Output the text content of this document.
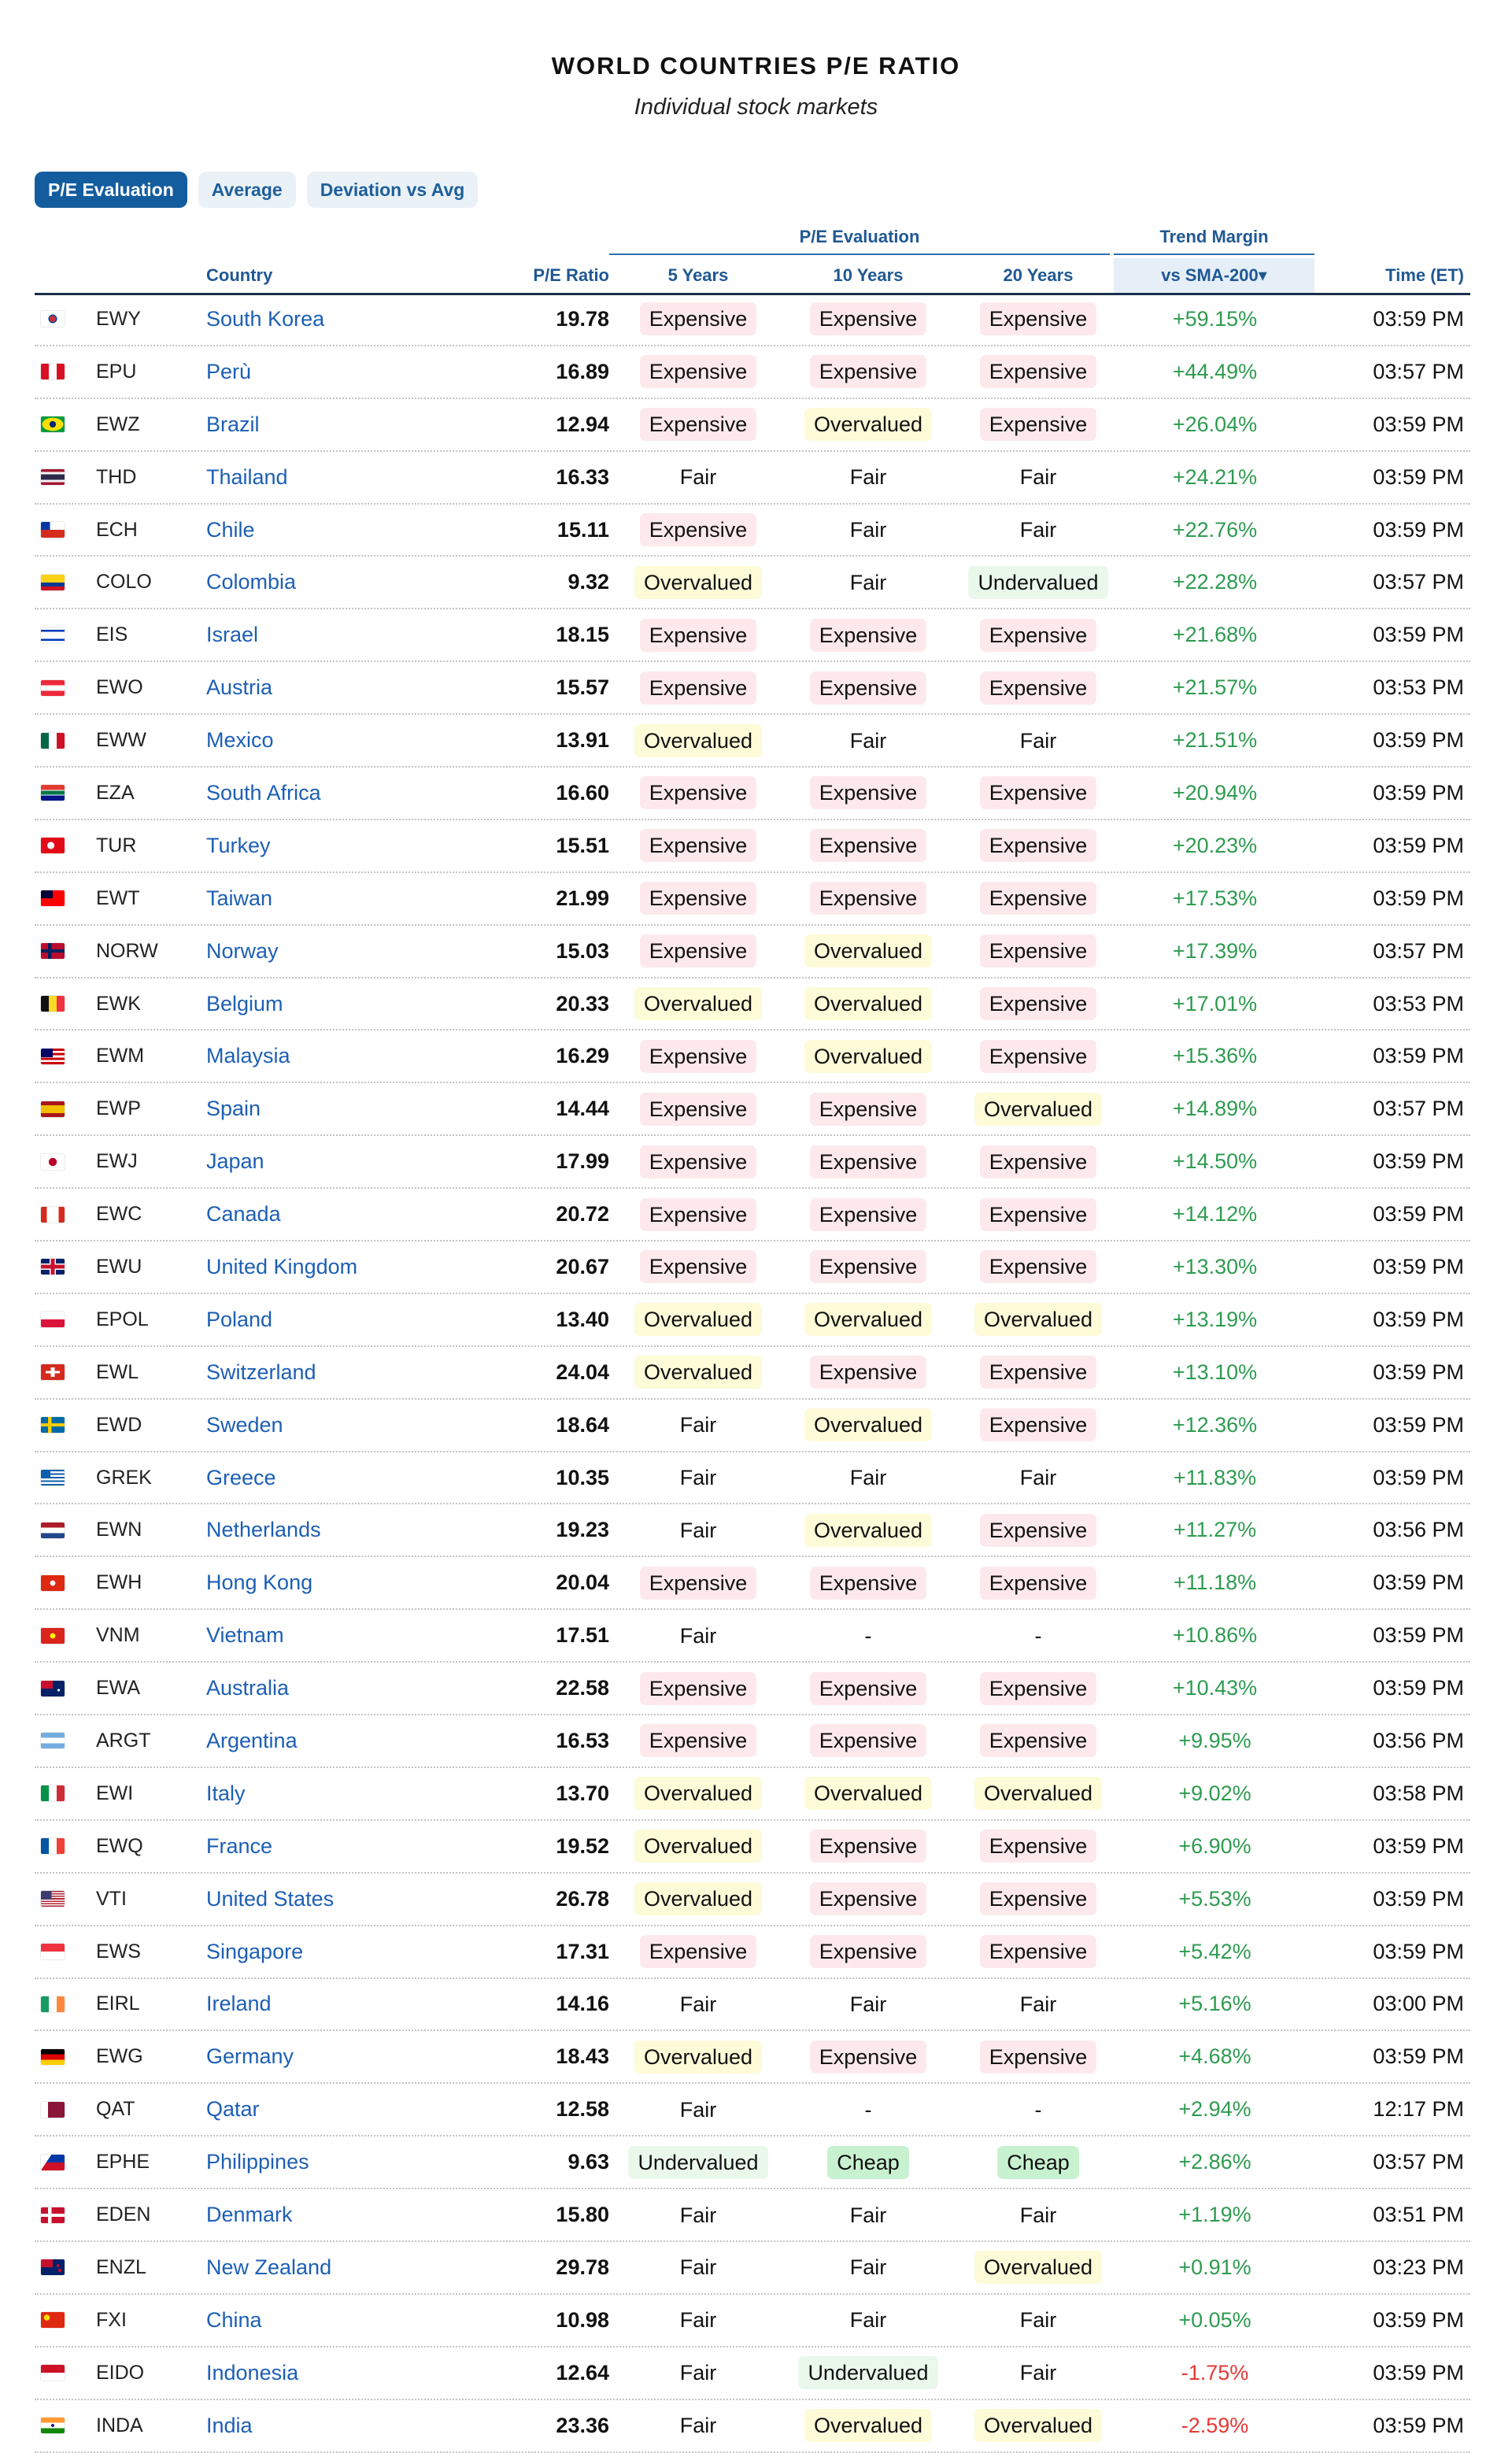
WORLD COUNTRIES P/E RATIO
Individual stock markets
P/E Evaluation	Average	Deviation vs Avg
P/E Evaluation	Trend Margin
Country	P/E Ratio	5 Years	10 Years	20 Years	vs SMA-200▾	Time (ET)
EWY	South Korea	19.78	Expensive	Expensive	Expensive	+59.15%	03:59 PM
EPU	Perù	16.89	Expensive	Expensive	Expensive	+44.49%	03:57 PM
EWZ	Brazil	12.94	Expensive	Overvalued	Expensive	+26.04%	03:59 PM
THD	Thailand	16.33	Fair	Fair	Fair	+24.21%	03:59 PM
ECH	Chile	15.11	Expensive	Fair	Fair	+22.76%	03:59 PM
COLO	Colombia	9.32	Overvalued	Fair	Undervalued	+22.28%	03:57 PM
EIS	Israel	18.15	Expensive	Expensive	Expensive	+21.68%	03:59 PM
EWO	Austria	15.57	Expensive	Expensive	Expensive	+21.57%	03:53 PM
EWW	Mexico	13.91	Overvalued	Fair	Fair	+21.51%	03:59 PM
EZA	South Africa	16.60	Expensive	Expensive	Expensive	+20.94%	03:59 PM
TUR	Turkey	15.51	Expensive	Expensive	Expensive	+20.23%	03:59 PM
EWT	Taiwan	21.99	Expensive	Expensive	Expensive	+17.53%	03:59 PM
NORW	Norway	15.03	Expensive	Overvalued	Expensive	+17.39%	03:57 PM
EWK	Belgium	20.33	Overvalued	Overvalued	Expensive	+17.01%	03:53 PM
EWM	Malaysia	16.29	Expensive	Overvalued	Expensive	+15.36%	03:59 PM
EWP	Spain	14.44	Expensive	Expensive	Overvalued	+14.89%	03:57 PM
EWJ	Japan	17.99	Expensive	Expensive	Expensive	+14.50%	03:59 PM
EWC	Canada	20.72	Expensive	Expensive	Expensive	+14.12%	03:59 PM
EWU	United Kingdom	20.67	Expensive	Expensive	Expensive	+13.30%	03:59 PM
EPOL	Poland	13.40	Overvalued	Overvalued	Overvalued	+13.19%	03:59 PM
EWL	Switzerland	24.04	Overvalued	Expensive	Expensive	+13.10%	03:59 PM
EWD	Sweden	18.64	Fair	Overvalued	Expensive	+12.36%	03:59 PM
GREK	Greece	10.35	Fair	Fair	Fair	+11.83%	03:59 PM
EWN	Netherlands	19.23	Fair	Overvalued	Expensive	+11.27%	03:56 PM
EWH	Hong Kong	20.04	Expensive	Expensive	Expensive	+11.18%	03:59 PM
VNM	Vietnam	17.51	Fair	-	-	+10.86%	03:59 PM
EWA	Australia	22.58	Expensive	Expensive	Expensive	+10.43%	03:59 PM
ARGT	Argentina	16.53	Expensive	Expensive	Expensive	+9.95%	03:56 PM
EWI	Italy	13.70	Overvalued	Overvalued	Overvalued	+9.02%	03:58 PM
EWQ	France	19.52	Overvalued	Expensive	Expensive	+6.90%	03:59 PM
VTI	United States	26.78	Overvalued	Expensive	Expensive	+5.53%	03:59 PM
EWS	Singapore	17.31	Expensive	Expensive	Expensive	+5.42%	03:59 PM
EIRL	Ireland	14.16	Fair	Fair	Fair	+5.16%	03:00 PM
EWG	Germany	18.43	Overvalued	Expensive	Expensive	+4.68%	03:59 PM
QAT	Qatar	12.58	Fair	-	-	+2.94%	12:17 PM
EPHE	Philippines	9.63	Undervalued	Cheap	Cheap	+2.86%	03:57 PM
EDEN	Denmark	15.80	Fair	Fair	Fair	+1.19%	03:51 PM
ENZL	New Zealand	29.78	Fair	Fair	Overvalued	+0.91%	03:23 PM
FXI	China	10.98	Fair	Fair	Fair	+0.05%	03:59 PM
EIDO	Indonesia	12.64	Fair	Undervalued	Fair	-1.75%	03:59 PM
INDA	India	23.36	Fair	Overvalued	Overvalued	-2.59%	03:59 PM
